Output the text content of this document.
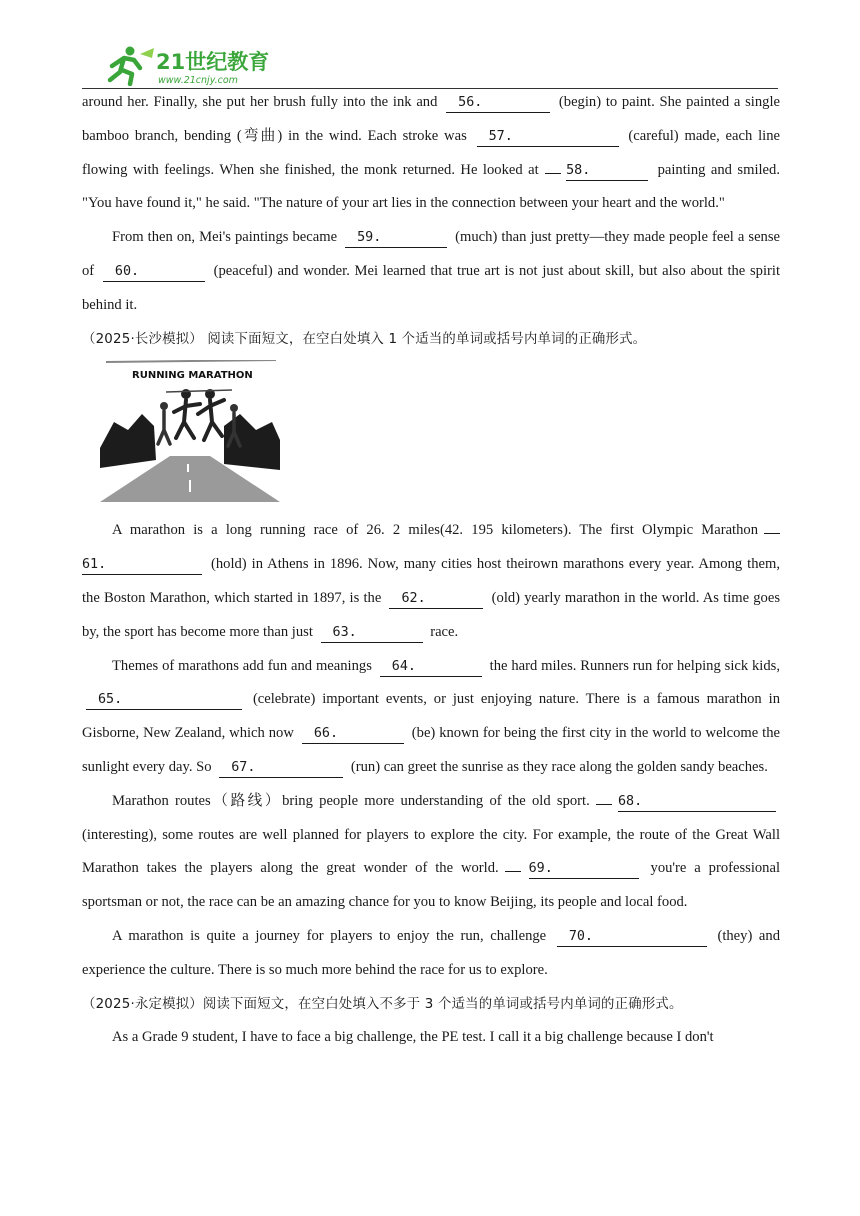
21世纪教育
www.21cnjy.com

around her. Finally, she put her brush fully into the ink and 56.	(begin) to paint. She painted a single bamboo branch, bending (弯曲) in the wind. Each stroke was 57.	(careful) made, each line flowing with feelings. When she finished, the monk returned. He looked at 58.	painting and smiled. "You have found it," he said. "The nature of your art lies in the connection between your heart and the world."

From then on, Mei's paintings became 59.	(much) than just pretty—they made people feel a sense of 60.	(peaceful) and wonder. Mei learned that true art is not just about skill, but also about the spirit behind it.

（2025·长沙模拟） 阅读下面短文，在空白处填入 1 个适当的单词或括号内单词的正确形式。

RUNNING MARATHON

A marathon is a long running race of 26. 2 miles(42. 195 kilometers). The first Olympic Marathon 61.	(hold) in Athens in 1896. Now, many cities host theirown marathons every year. Among them, the Boston Marathon, which started in 1897, is the 62.	(old) yearly marathon in the world. As time goes by, the sport has become more than just 63.	race.

Themes of marathons add fun and meanings 64.	the hard miles. Runners run for helping sick kids, 65.	(celebrate) important events, or just enjoying nature. There is a famous marathon in Gisborne, New Zealand, which now 66.	(be) known for being the first city in the world to welcome the sunlight every day. So 67.	(run) can greet the sunrise as they race along the golden sandy beaches.

Marathon routes（路线）bring people more understanding of the old sport. 68. (interesting), some routes are well planned for players to explore the city. For example, the route of the Great Wall Marathon takes the players along the great wonder of the world. 69.	you're a professional sportsman or not, the race can be an amazing chance for you to know Beijing, its people and local food.

A marathon is quite a journey for players to enjoy the run, challenge 70.	(they) and experience the culture. There is so much more behind the race for us to explore.

（2025·永定模拟）阅读下面短文，在空白处填入不多于 3 个适当的单词或括号内单词的正确形式。

As a Grade 9 student, I have to face a big challenge, the PE test. I call it a big challenge because I don't
